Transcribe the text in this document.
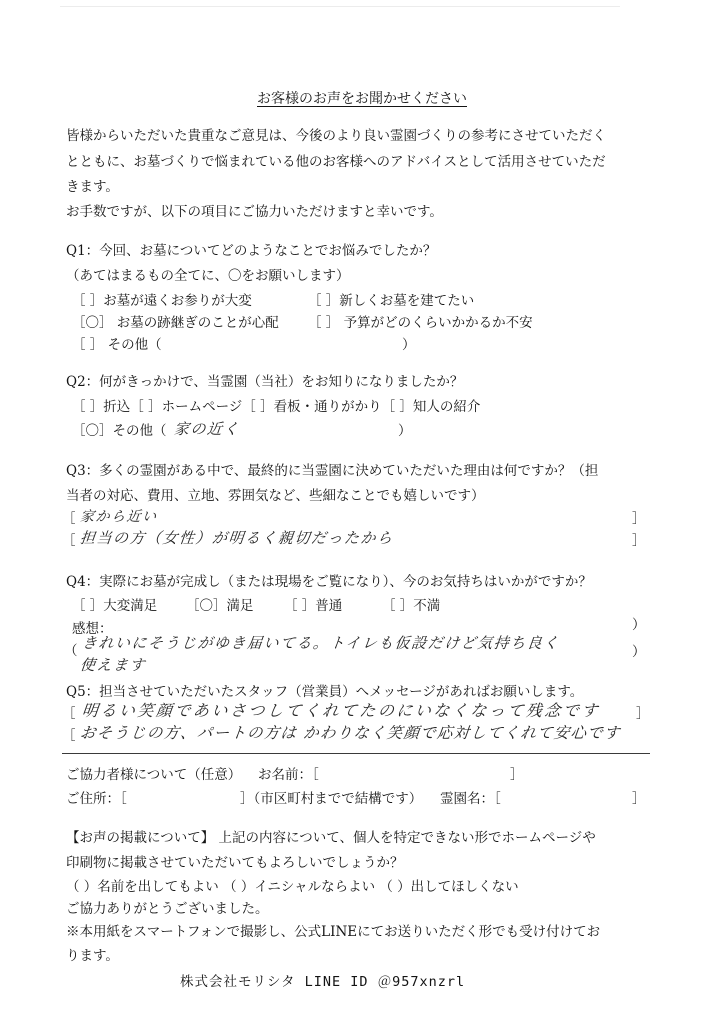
お客様のお声をお聞かせください
皆様からいただいた貴重なご意見は、今後のより良い霊園づくりの参考にさせていただく
とともに、お墓づくりで悩まれている他のお客様へのアドバイスとして活用させていただ
きます。
お手数ですが、以下の項目にご協力いただけますと幸いです。
Q1：今回、お墓についてどのようなことでお悩みでしたか？
（あてはまるもの全てに、〇をお願いします）
［ ］お墓が遠くお参りが大変	［ ］新しくお墓を建てたい
［〇］ お墓の跡継ぎのことが心配 ［ ］ 予算がどのくらいかかるか不安
［ ］ その他（	）
Q2：何がきっかけで、当霊園（当社）をお知りになりましたか？
［ ］折込［ ］ホームページ［ ］看板・通りがかり［ ］知人の紹介
［〇］その他（ 家の近く	）
Q3：多くの霊園がある中で、最終的に当霊園に決めていただいた理由は何ですか？（担
当者の対応、費用、立地、雰囲気など、些細なことでも嬉しいです）
［ 家から近い	］
［ 担当の方（女性）が明るく親切だったから	］
Q4：実際にお墓が完成し（または現場をご覧になり）、今のお気持ちはいかがですか？
［ ］大変満足 ［〇］満足 ［ ］普通	［ ］不満
感想：
（ きれいにそうじがゆき届いてる。トイレも仮設だけど気持ち良く
）
使えます
）
Q5：担当させていただいたスタッフ（営業員）へメッセージがあればお願いします。
［ 明るい笑顔であいさつしてくれてたのにいなくなって残念です	］
［ おそうじの方、パートの方は かわりなく笑顔で応対してくれて安心です
ご協力者様について（任意） お名前：［	］
ご住所：［	］（市区町村までで結構です） 霊園名：［	］
【お声の掲載について】 上記の内容について、個人を特定できない形でホームページや
印刷物に掲載させていただいてもよろしいでしょうか？
（ ）名前を出してもよい （ ）イニシャルならよい （ ）出してほしくない
ご協力ありがとうございました。
※本用紙をスマートフォンで撮影し、公式LINEにてお送りいただく形でも受け付けてお
ります。
株式会社モリシタ LINE ID ＠957xnzrl
